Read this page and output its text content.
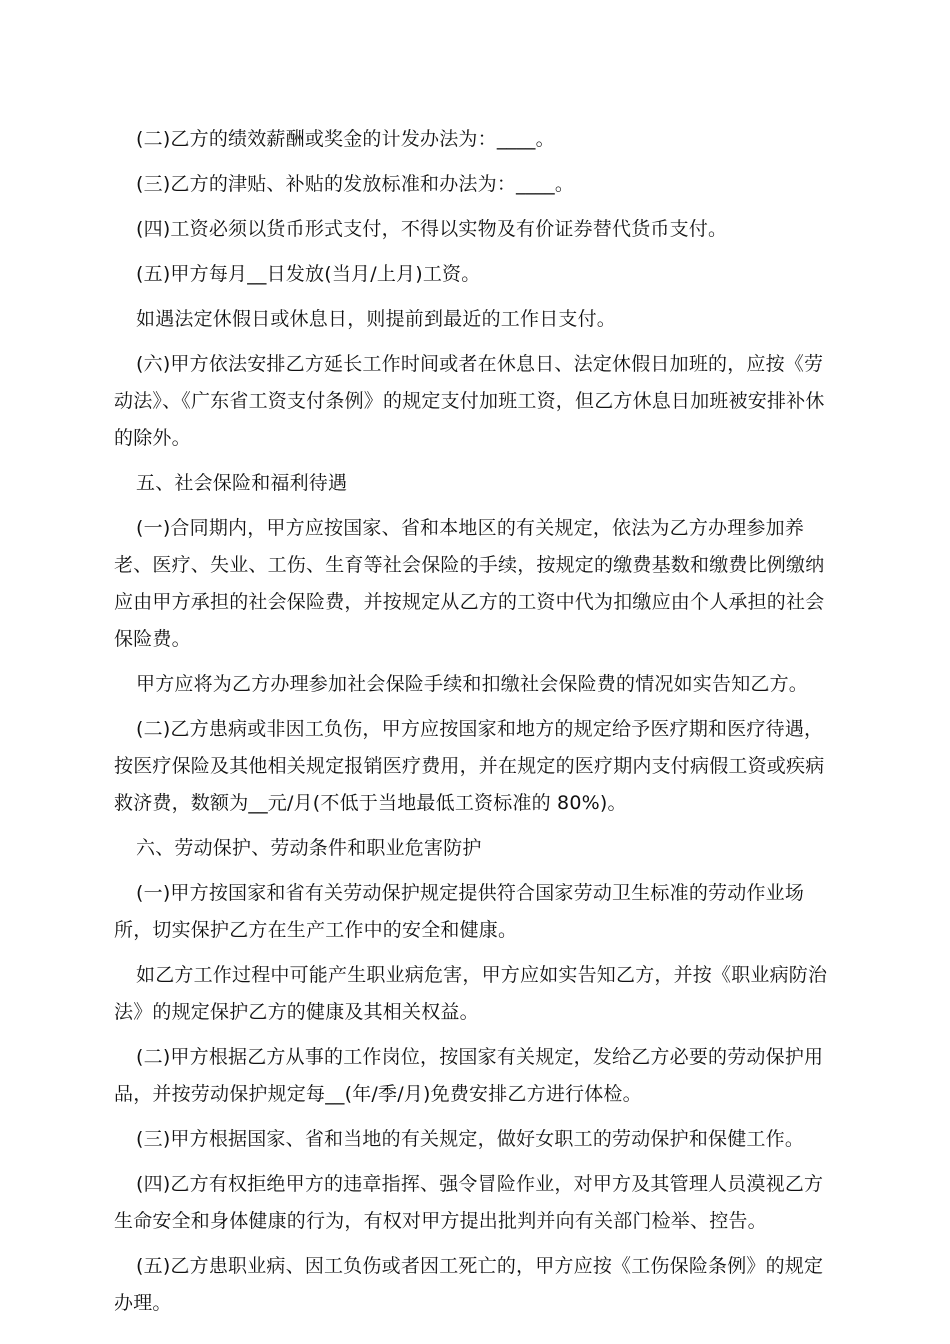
(二)乙方的绩效薪酬或奖金的计发办法为：____。

(三)乙方的津贴、补贴的发放标准和办法为：____。

(四)工资必须以货币形式支付，不得以实物及有价证券替代货币支付。

(五)甲方每月__日发放(当月/上月)工资。

如遇法定休假日或休息日，则提前到最近的工作日支付。

(六)甲方依法安排乙方延长工作时间或者在休息日、法定休假日加班的，应按《劳动法》、《广东省工资支付条例》的规定支付加班工资，但乙方休息日加班被安排补休的除外。

五、社会保险和福利待遇

(一)合同期内，甲方应按国家、省和本地区的有关规定，依法为乙方办理参加养老、医疗、失业、工伤、生育等社会保险的手续，按规定的缴费基数和缴费比例缴纳应由甲方承担的社会保险费，并按规定从乙方的工资中代为扣缴应由个人承担的社会保险费。

甲方应将为乙方办理参加社会保险手续和扣缴社会保险费的情况如实告知乙方。

(二)乙方患病或非因工负伤，甲方应按国家和地方的规定给予医疗期和医疗待遇，按医疗保险及其他相关规定报销医疗费用，并在规定的医疗期内支付病假工资或疾病救济费，数额为__元/月(不低于当地最低工资标准的 80%)。

六、劳动保护、劳动条件和职业危害防护

(一)甲方按国家和省有关劳动保护规定提供符合国家劳动卫生标准的劳动作业场所，切实保护乙方在生产工作中的安全和健康。

如乙方工作过程中可能产生职业病危害，甲方应如实告知乙方，并按《职业病防治法》的规定保护乙方的健康及其相关权益。

(二)甲方根据乙方从事的工作岗位，按国家有关规定，发给乙方必要的劳动保护用品，并按劳动保护规定每__(年/季/月)免费安排乙方进行体检。

(三)甲方根据国家、省和当地的有关规定，做好女职工的劳动保护和保健工作。

(四)乙方有权拒绝甲方的违章指挥、强令冒险作业，对甲方及其管理人员漠视乙方生命安全和身体健康的行为，有权对甲方提出批判并向有关部门检举、控告。

(五)乙方患职业病、因工负伤或者因工死亡的，甲方应按《工伤保险条例》的规定办理。
